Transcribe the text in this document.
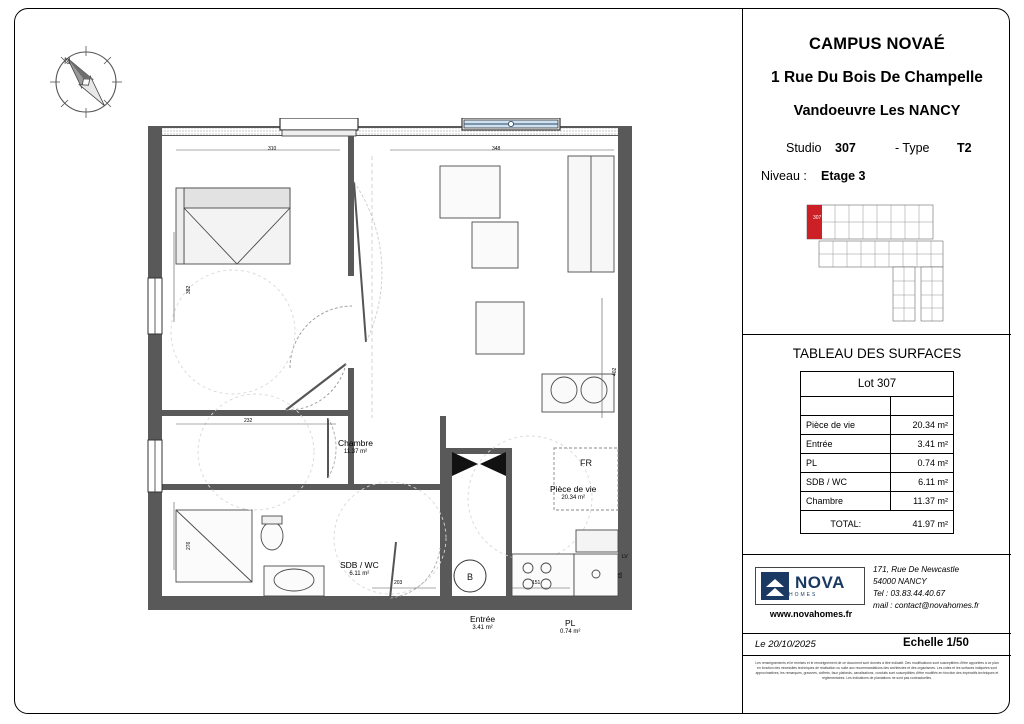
N
FR
B
Chambre
11.37 m²
Pièce de vie
20.34 m²
SDB / WC
6.11 m²
Entrée
3.41 m²	PL
0.74 m²
310	348
382
402
232
276
203	151
65
LV
CAMPUS NOVAÉ
1 Rue Du Bois De Champelle
Vandoeuvre Les NANCY
Studio 307	- Type T2
Niveau : Etage 3
307
TABLEAU DES SURFACES
Lot 307	

Pièce de vie	20.34 m²
Entrée	3.41 m²
PL	0.74 m²
SDB / WC	6.11 m²
Chambre	11.37 m²
TOTAL:	41.97 m²
NOVA
HOMES
www.novahomes.fr
171, Rue De Newcastle
54000 NANCY
Tel : 03.83.44.40.67
mail : contact@novahomes.fr
Le 20/10/2025	Echelle 1/50
Les renseignements et le remises et le renseignement de ce document sont donnés à titre indicatif. Des modifications sont susceptibles d'être apportées à ce plan en fonction des nécessités techniques de réalisation ou suite aux recommandations des architectes et des organismes. Les cotes et les surfaces indiquées sont approximatives, les remarques, gravures, coffrets, faux plafonds, canalisations, conduits sont susceptibles d'être modifiés en fonction des impératifs techniques et réglementaires. Les indications de plantations ne sont pas contractuelles.
